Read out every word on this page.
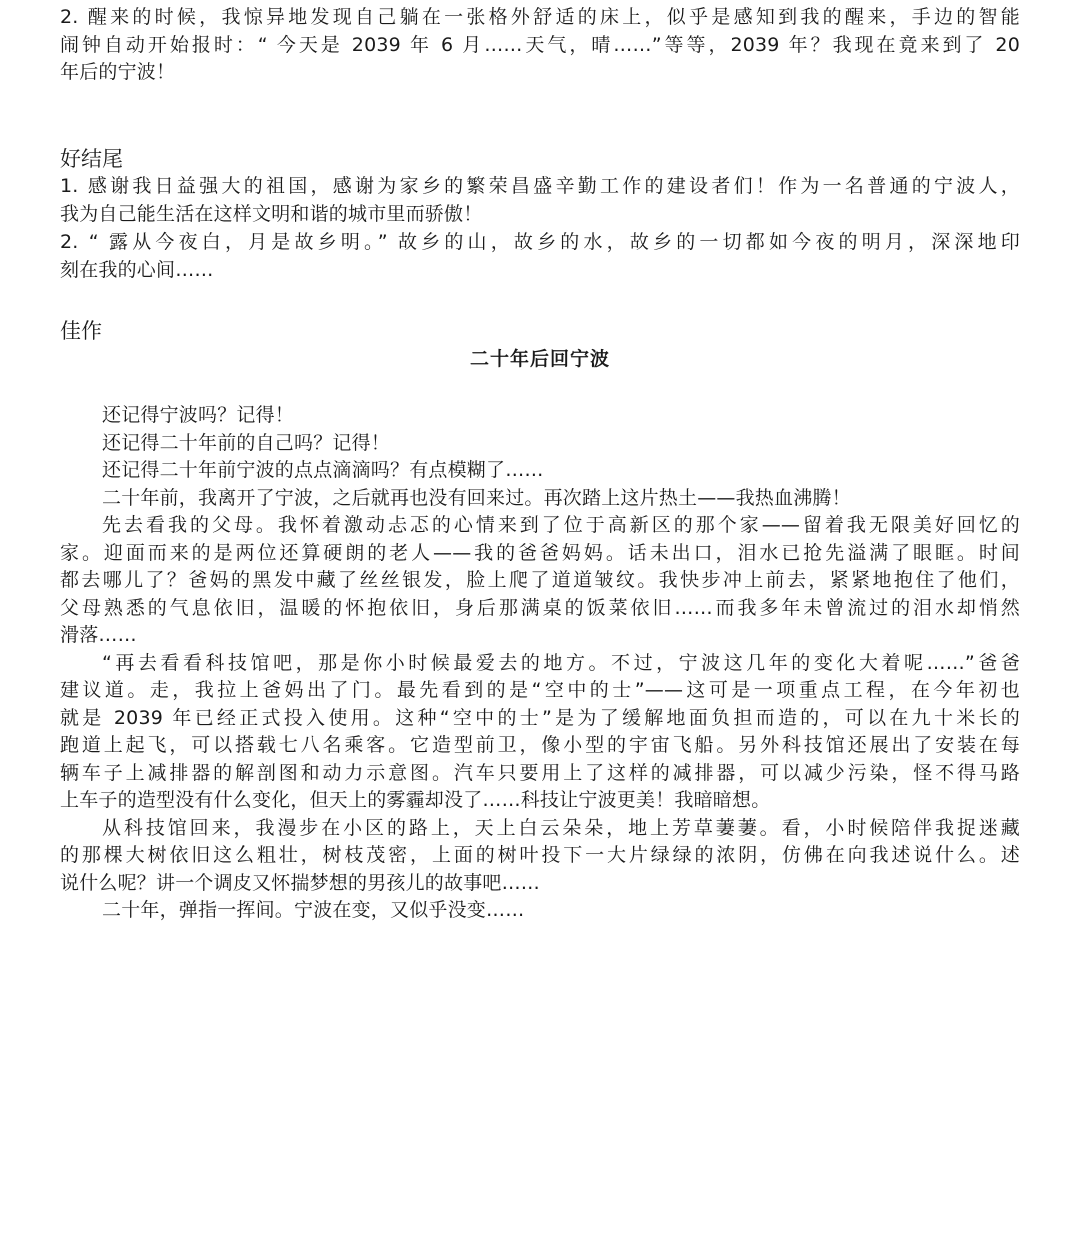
2. 醒来的时候，我惊异地发现自己躺在一张格外舒适的床上，似乎是感知到我的醒来，手边的智能
闹钟自动开始报时：“ 今天是 2039 年 6 月……天气，晴……”等等，2039 年？我现在竟来到了 20
年后的宁波！
好结尾
1. 感谢我日益强大的祖国，感谢为家乡的繁荣昌盛辛勤工作的建设者们！作为一名普通的宁波人，
我为自己能生活在这样文明和谐的城市里而骄傲！
2. “ 露从今夜白，月是故乡明。” 故乡的山，故乡的水，故乡的一切都如今夜的明月，深深地印
刻在我的心间……
佳作
二十年后回宁波
还记得宁波吗？记得！
还记得二十年前的自己吗？记得！
还记得二十年前宁波的点点滴滴吗？有点模糊了……
二十年前，我离开了宁波，之后就再也没有回来过。再次踏上这片热土——我热血沸腾！
先去看我的父母。我怀着激动忐忑的心情来到了位于高新区的那个家——留着我无限美好回忆的
家。迎面而来的是两位还算硬朗的老人——我的爸爸妈妈。话未出口，泪水已抢先溢满了眼眶。时间
都去哪儿了？爸妈的黑发中藏了丝丝银发，脸上爬了道道皱纹。我快步冲上前去，紧紧地抱住了他们，
父母熟悉的气息依旧，温暖的怀抱依旧，身后那满桌的饭菜依旧……而我多年未曾流过的泪水却悄然
滑落……
“再去看看科技馆吧，那是你小时候最爱去的地方。不过，宁波这几年的变化大着呢……”爸爸
建议道。走，我拉上爸妈出了门。最先看到的是“空中的士”——这可是一项重点工程，在今年初也
就是 2039 年已经正式投入使用。这种“空中的士”是为了缓解地面负担而造的，可以在九十米长的
跑道上起飞，可以搭载七八名乘客。它造型前卫，像小型的宇宙飞船。另外科技馆还展出了安装在每
辆车子上减排器的解剖图和动力示意图。汽车只要用上了这样的减排器，可以减少污染，怪不得马路
上车子的造型没有什么变化，但天上的雾霾却没了……科技让宁波更美！我暗暗想。
从科技馆回来，我漫步在小区的路上，天上白云朵朵，地上芳草萋萋。看，小时候陪伴我捉迷藏
的那棵大树依旧这么粗壮，树枝茂密，上面的树叶投下一大片绿绿的浓阴，仿佛在向我述说什么。述
说什么呢？讲一个调皮又怀揣梦想的男孩儿的故事吧……
二十年，弹指一挥间。宁波在变，又似乎没变……
